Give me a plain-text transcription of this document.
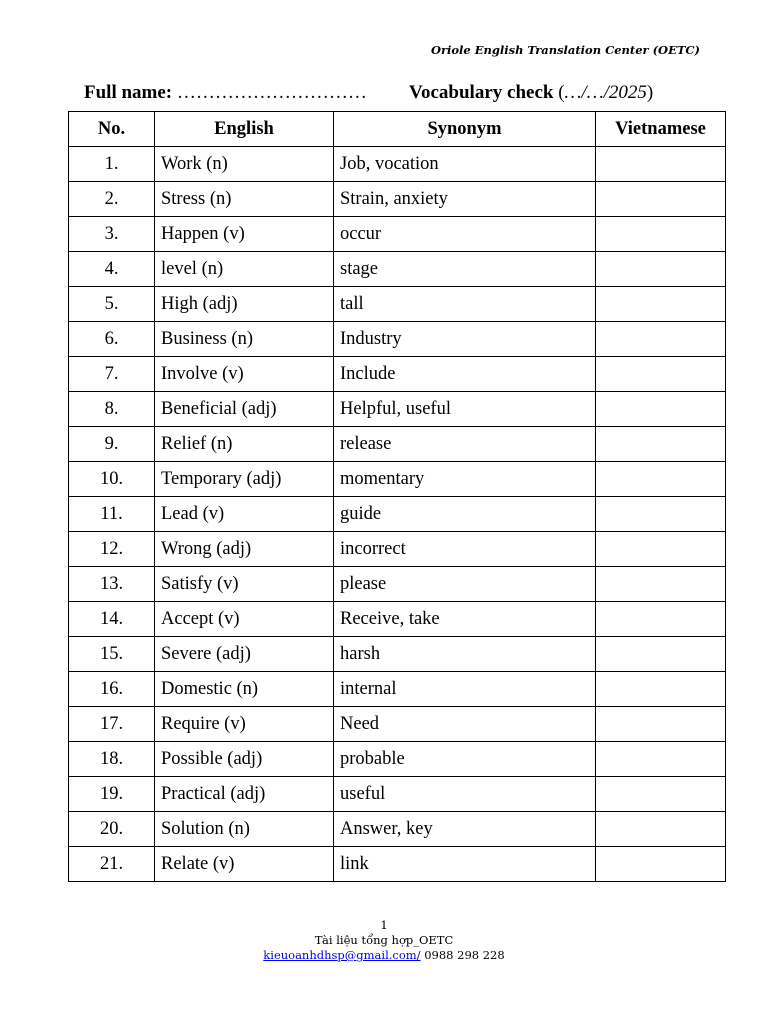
Oriole English Translation Center (OETC)
Full name: ………………………… Vocabulary check (…/…/2025)
No.	English	Synonym	Vietnamese
1.	Work (n)	Job, vocation	
2.	Stress (n)	Strain, anxiety	
3.	Happen (v)	occur	
4.	level (n)	stage	
5.	High (adj)	tall	
6.	Business (n)	Industry	
7.	Involve (v)	Include	
8.	Beneficial (adj)	Helpful, useful	
9.	Relief (n)	release	
10.	Temporary (adj)	momentary	
11.	Lead (v)	guide	
12.	Wrong (adj)	incorrect	
13.	Satisfy (v)	please	
14.	Accept (v)	Receive, take	
15.	Severe (adj)	harsh	
16.	Domestic (n)	internal	
17.	Require (v)	Need	
18.	Possible (adj)	probable	
19.	Practical (adj)	useful	
20.	Solution (n)	Answer, key	
21.	Relate (v)	link	
1
Tài liệu tổng hợp_OETC
kieuoanhdhsp@gmail.com/ 0988 298 228
